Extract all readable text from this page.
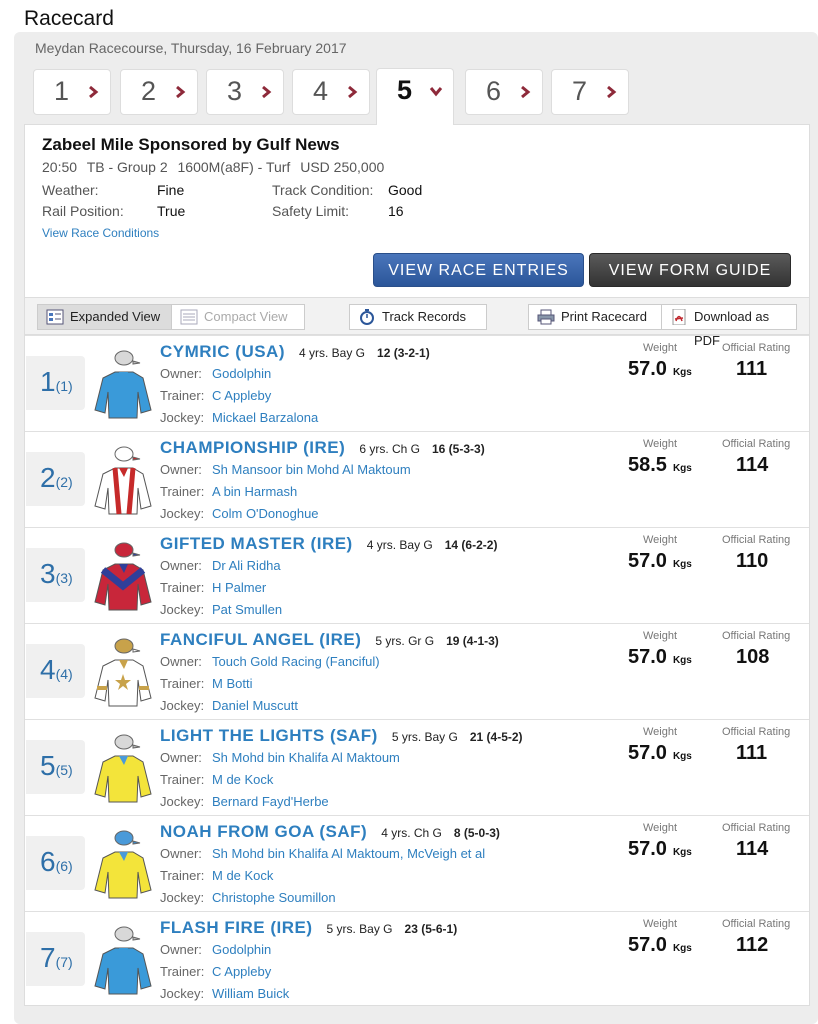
Racecard
Meydan Racecourse, Thursday, 16 February 2017
1	2	3	4	5	6	7
Zabeel Mile Sponsored by Gulf News
20:50 TB - Group 2 1600M(a8F) - Turf USD 250,000
Weather:	Fine	Track Condition: Good
Rail Position: True	Safety Limit:	16
View Race Conditions
VIEW RACE ENTRIES	VIEW FORM GUIDE
Expanded View	Compact View	Track Records	Print Racecard	Download as PDF
1(1)
CYMRIC (USA) 4 yrs. Bay G 12 (3-2-1)
Owner: Godolphin
Trainer: C Appleby
Jockey: Mickael Barzalona
Weight
57.0 Kgs
Official Rating
111
2(2)
CHAMPIONSHIP (IRE) 6 yrs. Ch G 16 (5-3-3)
Owner: Sh Mansoor bin Mohd Al Maktoum
Trainer: A bin Harmash
Jockey: Colm O'Donoghue
Weight
58.5 Kgs
Official Rating
114
3(3)
GIFTED MASTER (IRE) 4 yrs. Bay G 14 (6-2-2)
Owner: Dr Ali Ridha
Trainer: H Palmer
Jockey: Pat Smullen
Weight
57.0 Kgs
Official Rating
110
4(4)
FANCIFUL ANGEL (IRE) 5 yrs. Gr G 19 (4-1-3)
Owner: Touch Gold Racing (Fanciful)
Trainer: M Botti
Jockey: Daniel Muscutt
Weight
57.0 Kgs
Official Rating
108
5(5)
LIGHT THE LIGHTS (SAF) 5 yrs. Bay G 21 (4-5-2)
Owner: Sh Mohd bin Khalifa Al Maktoum
Trainer: M de Kock
Jockey: Bernard Fayd'Herbe
Weight
57.0 Kgs
Official Rating
111
6(6)
NOAH FROM GOA (SAF) 4 yrs. Ch G 8 (5-0-3)
Owner: Sh Mohd bin Khalifa Al Maktoum, McVeigh et al
Trainer: M de Kock
Jockey: Christophe Soumillon
Weight
57.0 Kgs
Official Rating
114
7(7)
FLASH FIRE (IRE) 5 yrs. Bay G 23 (5-6-1)
Owner: Godolphin
Trainer: C Appleby
Jockey: William Buick
Weight
57.0 Kgs
Official Rating
112
